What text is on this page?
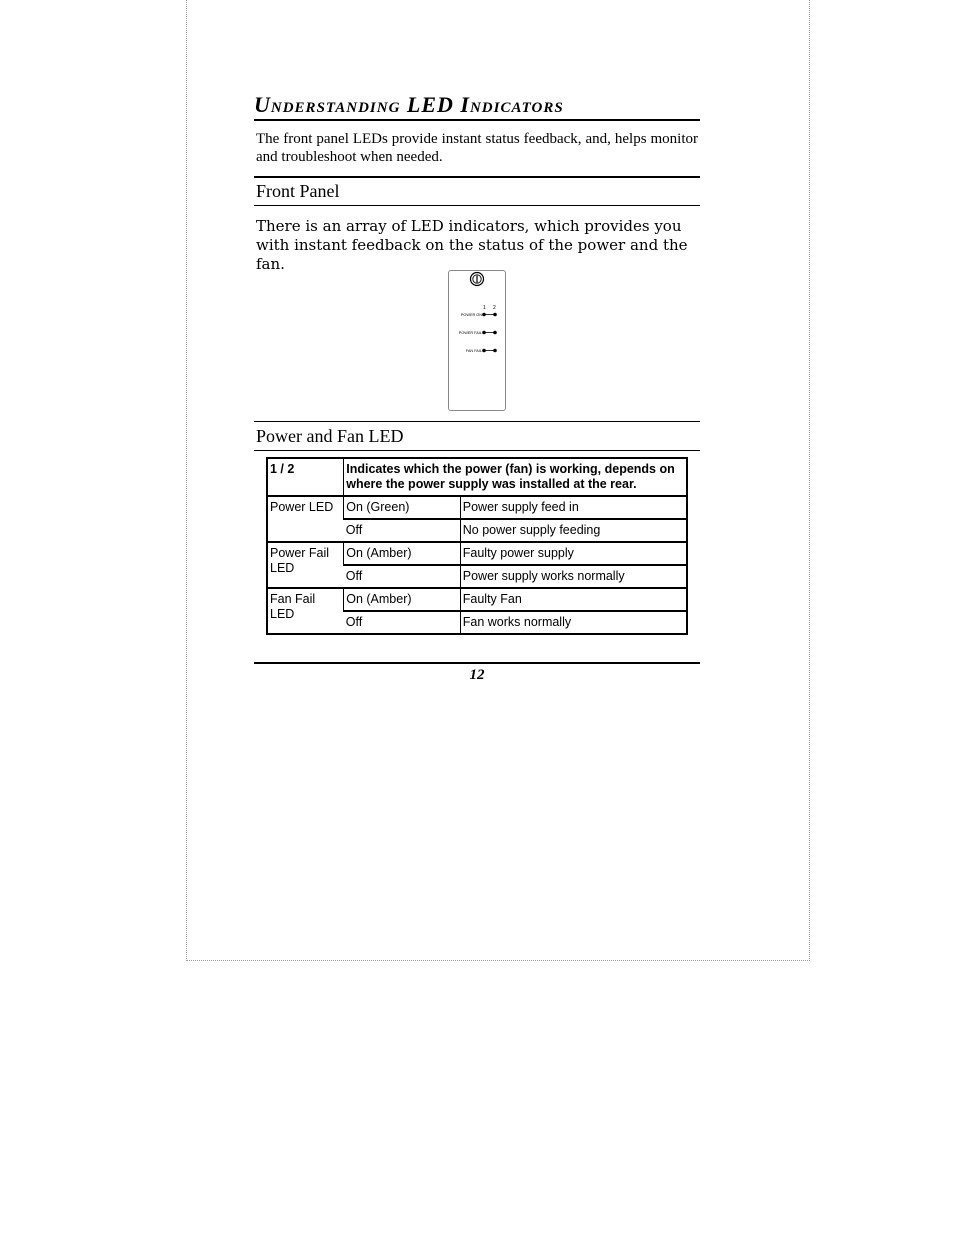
Understanding LED Indicators

The front panel LEDs provide instant status feedback, and, helps monitor and troubleshoot when needed.

Front Panel

There is an array of LED indicators, which provides you with instant feedback on the status of the power and the fan.

1 2
POWER ON
POWER FAIL
FAN FAIL
Power and Fan LED
1 / 2	Indicates which the power (fan) is working, depends on where the power supply was installed at the rear.	
Power LED	On (Green)	Power supply feed in
	Off	No power supply feeding
Power Fail LED	On (Amber)	Faulty power supply
	Off	Power supply works normally
Fan Fail LED	On (Amber)	Faulty Fan
	Off	Fan works normally
12
